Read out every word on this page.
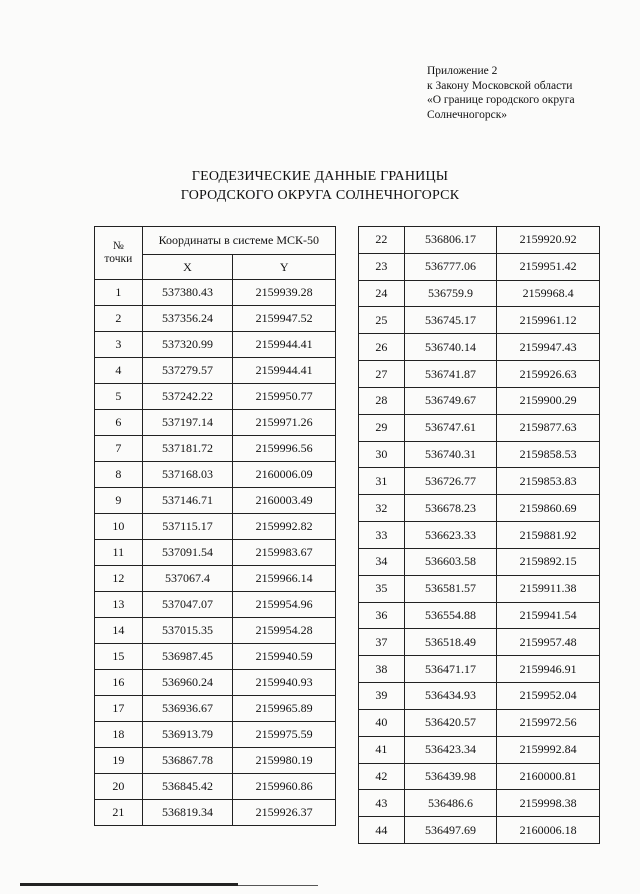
Приложение 2
к Закону Московской области
«О границе городского округа
Солнечногорск»
ГЕОДЕЗИЧЕСКИЕ ДАННЫЕ ГРАНИЦЫ
ГОРОДСКОГО ОКРУГА СОЛНЕЧНОГОРСК
№
точки	Координаты в системе МСК-50	
	X	Y
1	537380.43	2159939.28
2	537356.24	2159947.52
3	537320.99	2159944.41
4	537279.57	2159944.41
5	537242.22	2159950.77
6	537197.14	2159971.26
7	537181.72	2159996.56
8	537168.03	2160006.09
9	537146.71	2160003.49
10	537115.17	2159992.82
11	537091.54	2159983.67
12	537067.4	2159966.14
13	537047.07	2159954.96
14	537015.35	2159954.28
15	536987.45	2159940.59
16	536960.24	2159940.93
17	536936.67	2159965.89
18	536913.79	2159975.59
19	536867.78	2159980.19
20	536845.42	2159960.86
21	536819.34	2159926.37
22	536806.17	2159920.92
23	536777.06	2159951.42
24	536759.9	2159968.4
25	536745.17	2159961.12
26	536740.14	2159947.43
27	536741.87	2159926.63
28	536749.67	2159900.29
29	536747.61	2159877.63
30	536740.31	2159858.53
31	536726.77	2159853.83
32	536678.23	2159860.69
33	536623.33	2159881.92
34	536603.58	2159892.15
35	536581.57	2159911.38
36	536554.88	2159941.54
37	536518.49	2159957.48
38	536471.17	2159946.91
39	536434.93	2159952.04
40	536420.57	2159972.56
41	536423.34	2159992.84
42	536439.98	2160000.81
43	536486.6	2159998.38
44	536497.69	2160006.18
